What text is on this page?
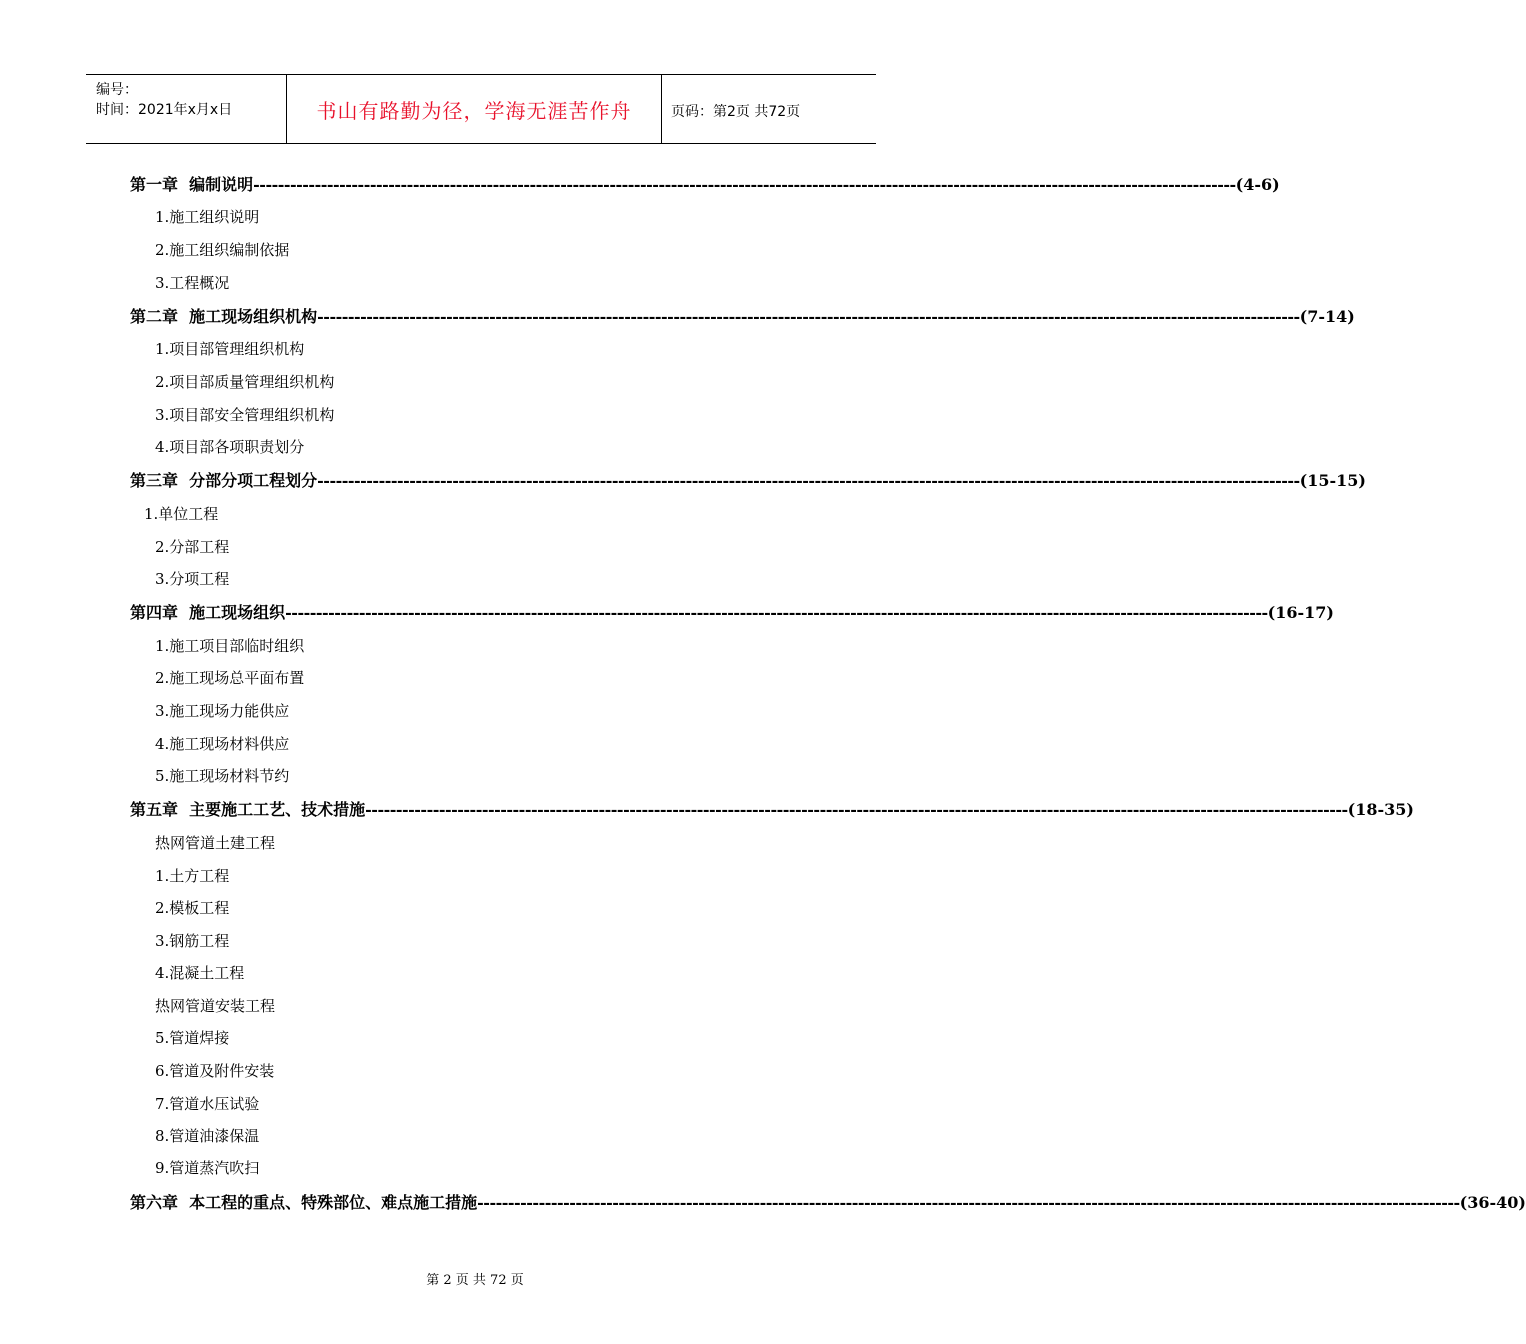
编号：
时间：2021年x月x日	书山有路勤为径，学海无涯苦作舟	页码：第2页 共72页
第一章  编制说明 ---------------------------------------------------------------------------------------------------------------------------------------------------------------- (4-6)
1.施工组织说明
2.施工组织编制依据
3.工程概况
第二章  施工现场组织机构 ---------------------------------------------------------------------------------------------------------------------------------------------------------------- (7-14)
1.项目部管理组织机构
2.项目部质量管理组织机构
3.项目部安全管理组织机构
4.项目部各项职责划分
第三章  分部分项工程划分 ---------------------------------------------------------------------------------------------------------------------------------------------------------------- (15-15)
1.单位工程
2.分部工程
3.分项工程
第四章  施工现场组织 ---------------------------------------------------------------------------------------------------------------------------------------------------------------- (16-17)
1.施工项目部临时组织
2.施工现场总平面布置
3.施工现场力能供应
4.施工现场材料供应
5.施工现场材料节约
第五章  主要施工工艺、技术措施 ---------------------------------------------------------------------------------------------------------------------------------------------------------------- (18-35)
热网管道土建工程
1.土方工程
2.模板工程
3.钢筋工程
4.混凝土工程
热网管道安装工程
5.管道焊接
6.管道及附件安装
7.管道水压试验
8.管道油漆保温
9.管道蒸汽吹扫
第六章  本工程的重点、特殊部位、难点施工措施 ---------------------------------------------------------------------------------------------------------------------------------------------------------------- (36-40)
第 2 页 共 72 页
